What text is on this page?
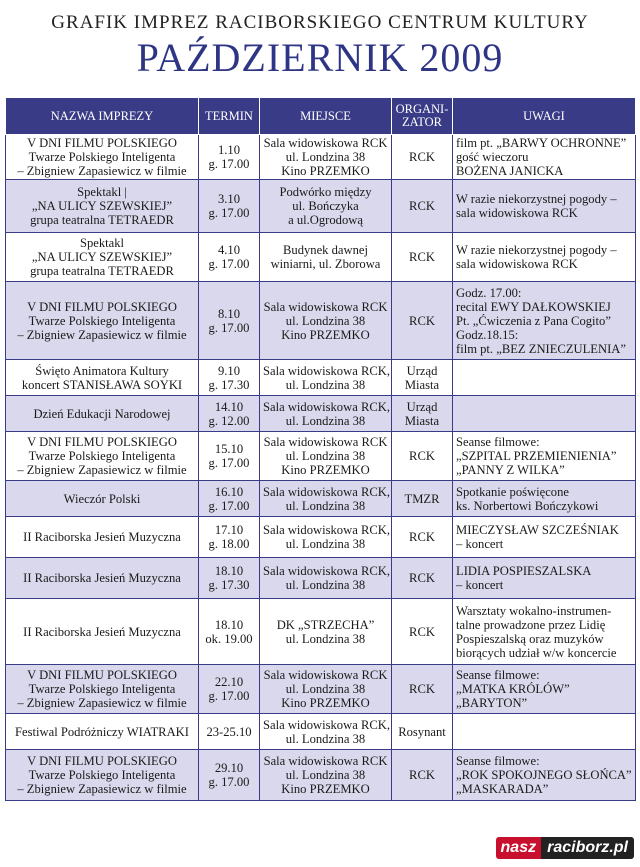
GRAFIK IMPREZ RACIBORSKIEGO CENTRUM KULTURY
PAŹDZIERNIK 2009
NAZWA IMPREZY	TERMIN	MIEJSCE	ORGANI-
ZATOR	UWAGI

V DNI FILMU POLSKIEGO
Twarze Polskiego Inteligenta
– Zbigniew Zapasiewicz w filmie	1.10
g. 17.00	Sala widowiskowa RCK
ul. Londzina 38
Kino PRZEMKO	RCK	film pt. „BARWY OCHRONNE”
gość wieczoru
BOŻENA JANICKA

Spektakl |
„NA ULICY SZEWSKIEJ”
grupa teatralna TETRAEDR	3.10
g. 17.00	Podwórko między
ul. Bończyka
a ul.Ogrodową	RCK	W razie niekorzystnej pogody –
sala widowiskowa RCK

Spektakl
„NA ULICY SZEWSKIEJ”
grupa teatralna TETRAEDR	4.10
g. 17.00	Budynek dawnej
winiarni, ul. Zborowa	RCK	W razie niekorzystnej pogody –
sala widowiskowa RCK

V DNI FILMU POLSKIEGO
Twarze Polskiego Inteligenta
– Zbigniew Zapasiewicz w filmie	8.10
g. 17.00	Sala widowiskowa RCK
ul. Londzina 38
Kino PRZEMKO	RCK	Godz. 17.00:
recital EWY DAŁKOWSKIEJ
Pt. „Ćwiczenia z Pana Cogito”
Godz.18.15:
film pt. „BEZ ZNIECZULENIA”

Święto Animatora Kultury
koncert STANISŁAWA SOYKI	9.10
g. 17.30	Sala widowiskowa RCK,
ul. Londzina 38	Urząd
Miasta	

Dzień Edukacji Narodowej	14.10
g. 12.00	Sala widowiskowa RCK,
ul. Londzina 38	Urząd
Miasta	

V DNI FILMU POLSKIEGO
Twarze Polskiego Inteligenta
– Zbigniew Zapasiewicz w filmie	15.10
g. 17.00	Sala widowiskowa RCK
ul. Londzina 38
Kino PRZEMKO	RCK	Seanse filmowe:
„SZPITAL PRZEMIENIENIA”
„PANNY Z WILKA”

Wieczór Polski	16.10
g. 17.00	Sala widowiskowa RCK,
ul. Londzina 38	TMZR	Spotkanie poświęcone
ks. Norbertowi Bończykowi

II Raciborska Jesień Muzyczna	17.10
g. 18.00	Sala widowiskowa RCK,
ul. Londzina 38	RCK	MIECZYSŁAW SZCZEŚNIAK
– koncert

II Raciborska Jesień Muzyczna	18.10
g. 17.30	Sala widowiskowa RCK,
ul. Londzina 38	RCK	LIDIA POSPIESZALSKA
– koncert

II Raciborska Jesień Muzyczna	18.10
ok. 19.00	DK „STRZECHA”
ul. Londzina 38	RCK	Warsztaty wokalno-instrumen-
talne prowadzone przez Lidię
Pospieszalską oraz muzyków
biorących udział w/w koncercie

V DNI FILMU POLSKIEGO
Twarze Polskiego Inteligenta
– Zbigniew Zapasiewicz w filmie	22.10
g. 17.00	Sala widowiskowa RCK
ul. Londzina 38
Kino PRZEMKO	RCK	Seanse filmowe:
„MATKA KRÓLÓW”
„BARYTON”

Festiwal Podróżniczy WIATRAKI	23-25.10	Sala widowiskowa RCK,
ul. Londzina 38	Rosynant	

V DNI FILMU POLSKIEGO
Twarze Polskiego Inteligenta
– Zbigniew Zapasiewicz w filmie	29.10
g. 17.00	Sala widowiskowa RCK
ul. Londzina 38
Kino PRZEMKO	RCK	Seanse filmowe:
„ROK SPOKOJNEGO SŁOŃCA”
„MASKARADA”
nasz raciborz.pl
